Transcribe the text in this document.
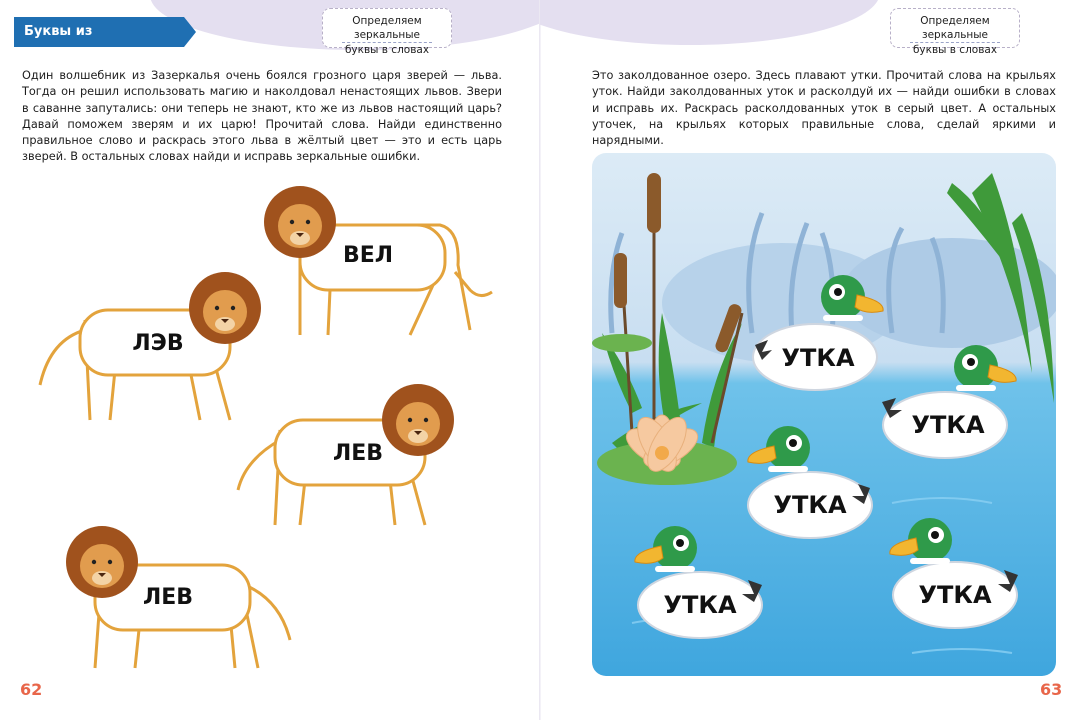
Буквы из Зазеркалья
Определяем зеркальные
буквы в словах

Один волшебник из Зазеркалья очень боялся грозного царя зверей — льва. Тогда он решил использовать магию и наколдовал ненастоящих львов. Звери в саванне запутались: они теперь не знают, кто же из львов настоящий царь? Давай поможем зверям и их царю! Прочитай слова. Найди единственно правильное слово и раскрась этого льва в жёлтый цвет — это и есть царь зверей. В остальных словах найди и исправь зеркальные ошибки.

ВЕЛ
ЛЭВ
ЛЕВ
ЛЕВ
62
Определяем зеркальные
буквы в словах

Это заколдованное озеро. Здесь плавают утки. Прочитай слова на крыльях уток. Найди заколдованных уток и расколдуй их — найди ошибки в словах и исправь их. Раскрась расколдованных уток в серый цвет. А остальных уточек, на крыльях которых правильные слова, сделай яркими и нарядными.

УТКА
УТКА
УТКА
УТКА	УТКА
63
